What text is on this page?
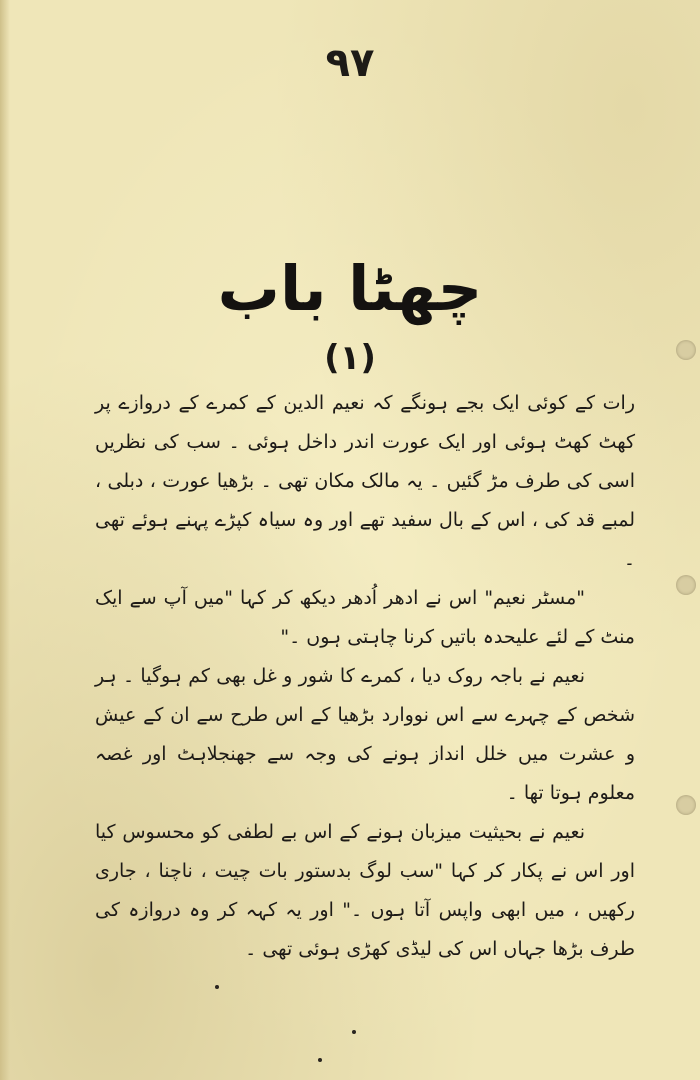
٩٧
چھٹا باب
(۱)

رات کے کوئی ایک بجے ہونگے کہ نعیم الدین کے کمرے کے دروازے پر کھٹ کھٹ ہوئی اور ایک عورت اندر داخل ہوئی ۔ سب کی نظریں اسی کی طرف مڑ گئیں ۔ یہ مالک مکان تھی ۔ بڑھیا عورت ، دبلی ، لمبے قد کی ، اس کے بال سفید تھے اور وہ سیاہ کپڑے پہنے ہوئے تھی ۔

"مسٹر نعیم" اس نے ادھر اُدھر دیکھ کر کہا "میں آپ سے ایک منٹ کے لئے علیحدہ باتیں کرنا چاہتی ہوں ۔"

نعیم نے باجہ روک دیا ، کمرے کا شور و غل بھی کم ہوگیا ۔ ہر شخص کے چہرے سے اس نووارد بڑھیا کے اس طرح سے ان کے عیش و عشرت میں خلل انداز ہونے کی وجہ سے جھنجلاہٹ اور غصہ معلوم ہوتا تھا ۔

نعیم نے بحیثیت میزبان ہونے کے اس بے لطفی کو محسوس کیا اور اس نے پکار کر کہا "سب لوگ بدستور بات چیت ، ناچنا ، جاری رکھیں ، میں ابھی واپس آتا ہوں ۔" اور یہ کہہ کر وہ دروازہ کی طرف بڑھا جہاں اس کی لیڈی کھڑی ہوئی تھی ۔
